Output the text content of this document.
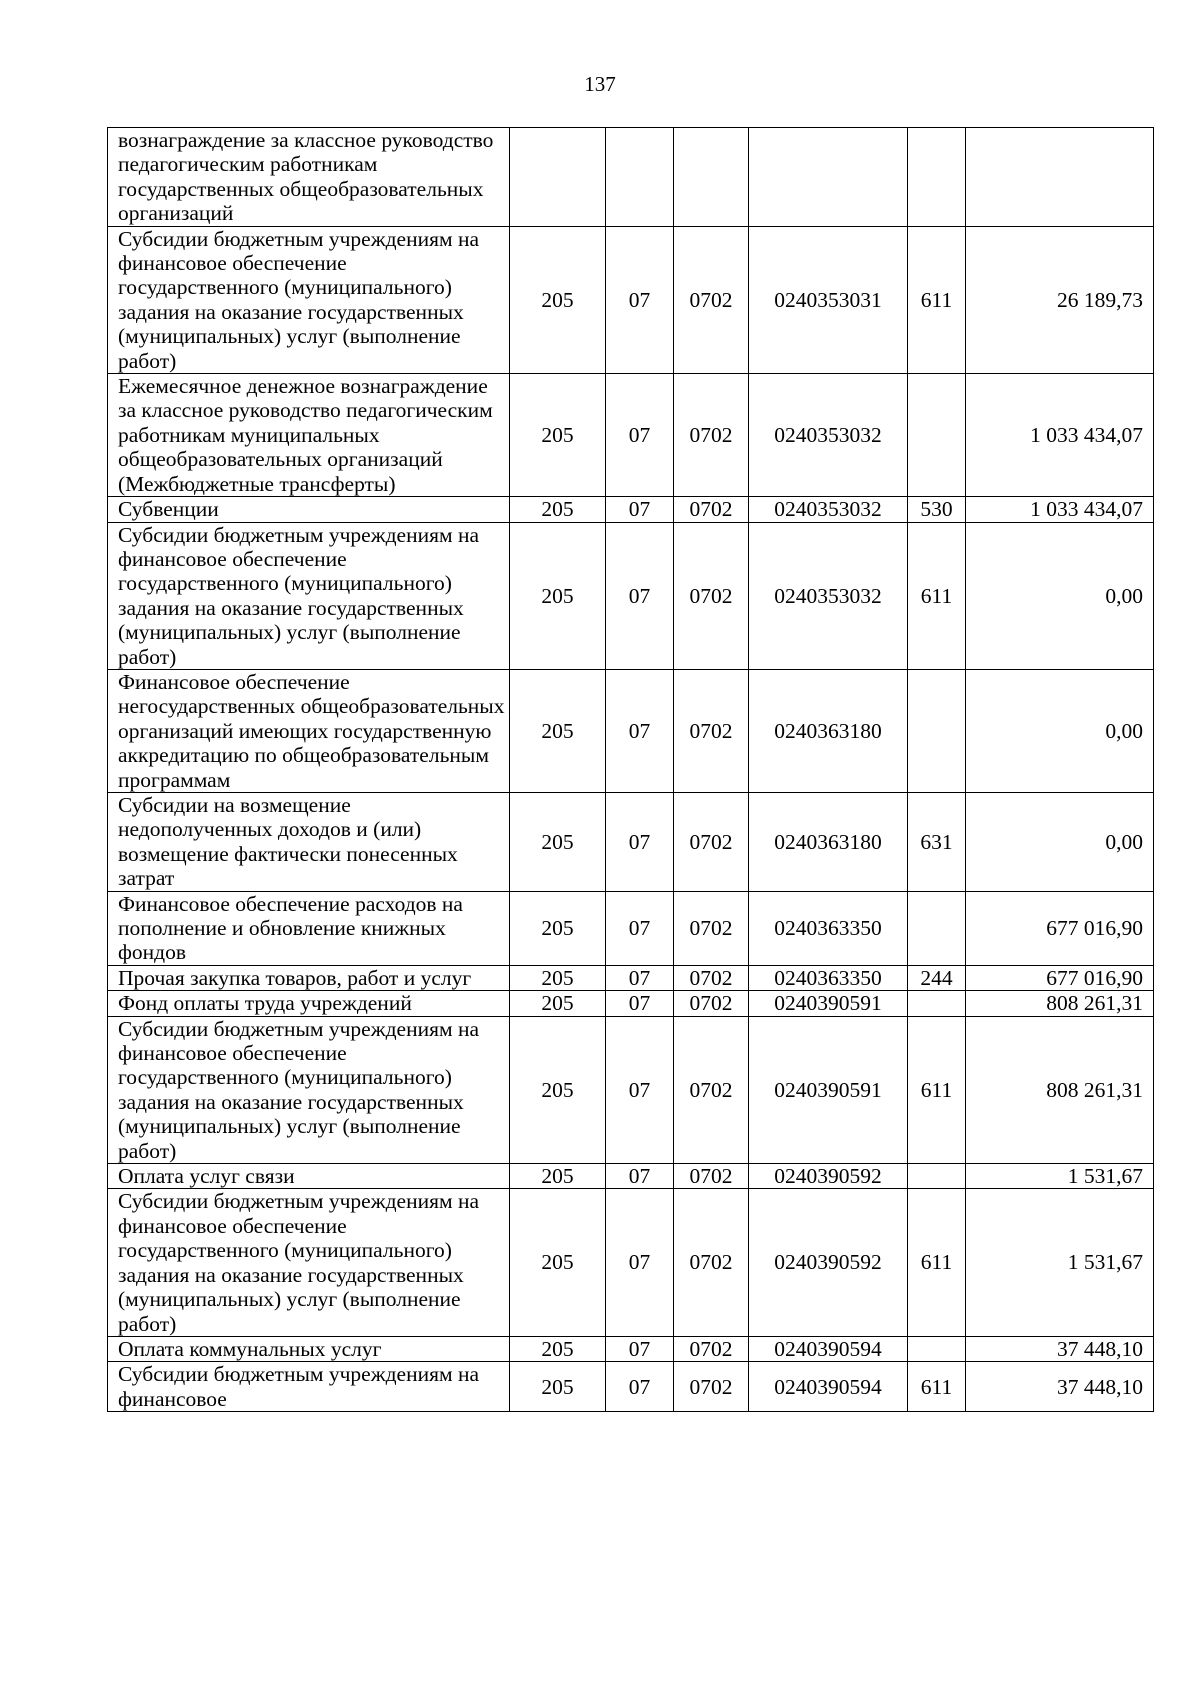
137
вознаграждение за классное руководство педагогическим работникам государственных общеобразовательных организаций						
Субсидии бюджетным учреждениям на финансовое обеспечение государственного (муниципального) задания на оказание государственных (муниципальных) услуг (выполнение работ)	205	07	0702	0240353031	611	26 189,73
Ежемесячное денежное вознаграждение за классное руководство педагогическим работникам муниципальных общеобразовательных организаций (Межбюджетные трансферты)	205	07	0702	0240353032		1 033 434,07
Субвенции	205	07	0702	0240353032	530	1 033 434,07
Субсидии бюджетным учреждениям на финансовое обеспечение государственного (муниципального) задания на оказание государственных (муниципальных) услуг (выполнение работ)	205	07	0702	0240353032	611	0,00
Финансовое обеспечение негосударственных общеобразовательных организаций имеющих государственную аккредитацию по общеобразовательным программам	205	07	0702	0240363180		0,00
Субсидии на возмещение недополученных доходов и (или) возмещение фактически понесенных затрат	205	07	0702	0240363180	631	0,00
Финансовое обеспечение расходов на пополнение и обновление книжных фондов	205	07	0702	0240363350		677 016,90
Прочая закупка товаров, работ и услуг	205	07	0702	0240363350	244	677 016,90
Фонд оплаты труда учреждений	205	07	0702	0240390591		808 261,31
Субсидии бюджетным учреждениям на финансовое обеспечение государственного (муниципального) задания на оказание государственных (муниципальных) услуг (выполнение работ)	205	07	0702	0240390591	611	808 261,31
Оплата услуг связи	205	07	0702	0240390592		1 531,67
Субсидии бюджетным учреждениям на финансовое обеспечение государственного (муниципального) задания на оказание государственных (муниципальных) услуг (выполнение работ)	205	07	0702	0240390592	611	1 531,67
Оплата коммунальных услуг	205	07	0702	0240390594		37 448,10
Субсидии бюджетным учреждениям на финансовое	205	07	0702	0240390594	611	37 448,10
